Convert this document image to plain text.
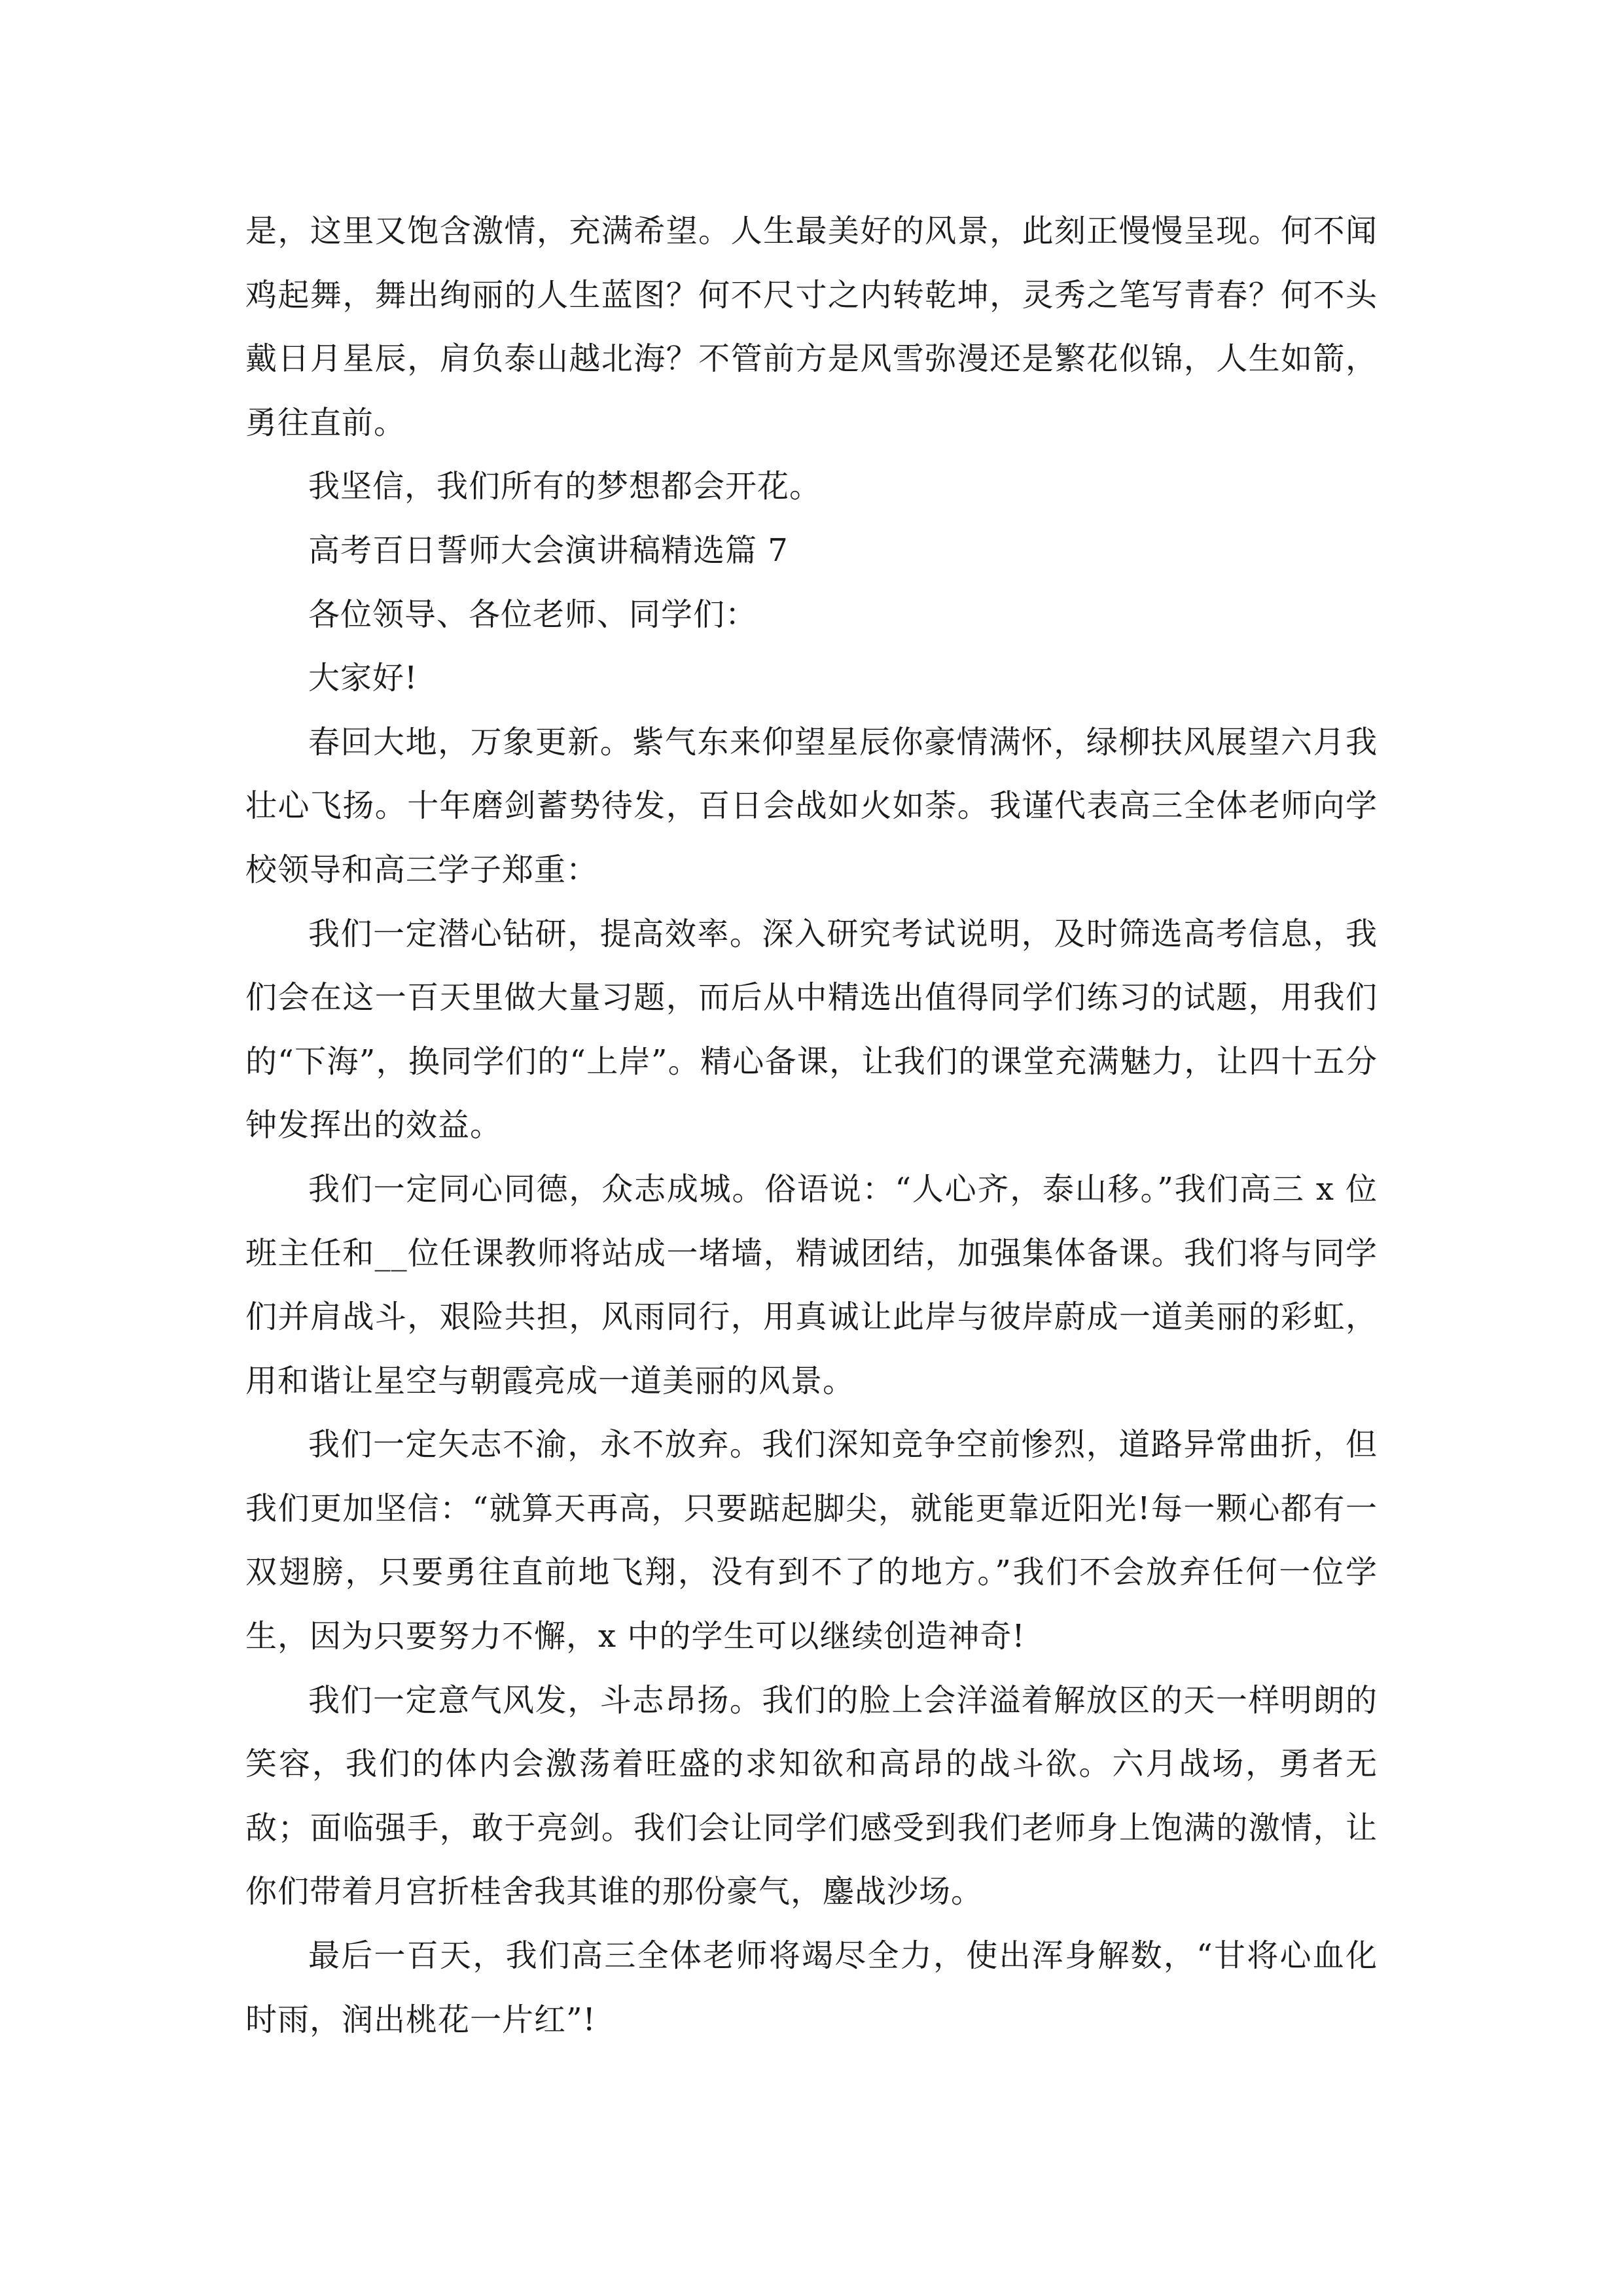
是，这里又饱含激情，充满希望。人生最美好的风景，此刻正慢慢呈现。何不闻鸡起舞，舞出绚丽的人生蓝图？何不尺寸之内转乾坤，灵秀之笔写青春？何不头戴日月星辰，肩负泰山越北海？不管前方是风雪弥漫还是繁花似锦，人生如箭，勇往直前。

我坚信，我们所有的梦想都会开花。

高考百日誓师大会演讲稿精选篇 7

各位领导、各位老师、同学们：

大家好!

春回大地，万象更新。紫气东来仰望星辰你豪情满怀，绿柳扶风展望六月我壮心飞扬。十年磨剑蓄势待发，百日会战如火如荼。我谨代表高三全体老师向学校领导和高三学子郑重：

我们一定潜心钻研，提高效率。深入研究考试说明，及时筛选高考信息，我们会在这一百天里做大量习题，而后从中精选出值得同学们练习的试题，用我们的“下海”，换同学们的“上岸”。精心备课，让我们的课堂充满魅力，让四十五分钟发挥出的效益。

我们一定同心同德，众志成城。俗语说：“人心齐，泰山移。”我们高三 x 位班主任和__位任课教师将站成一堵墙，精诚团结，加强集体备课。我们将与同学们并肩战斗，艰险共担，风雨同行，用真诚让此岸与彼岸蔚成一道美丽的彩虹，用和谐让星空与朝霞亮成一道美丽的风景。

我们一定矢志不渝，永不放弃。我们深知竞争空前惨烈，道路异常曲折，但我们更加坚信：“就算天再高，只要踮起脚尖，就能更靠近阳光!每一颗心都有一双翅膀，只要勇往直前地飞翔，没有到不了的地方。”我们不会放弃任何一位学生，因为只要努力不懈，x 中的学生可以继续创造神奇!

我们一定意气风发，斗志昂扬。我们的脸上会洋溢着解放区的天一样明朗的笑容，我们的体内会激荡着旺盛的求知欲和高昂的战斗欲。六月战场，勇者无敌；面临强手，敢于亮剑。我们会让同学们感受到我们老师身上饱满的激情，让你们带着月宫折桂舍我其谁的那份豪气，鏖战沙场。

最后一百天，我们高三全体老师将竭尽全力，使出浑身解数，“甘将心血化时雨，润出桃花一片红”!
